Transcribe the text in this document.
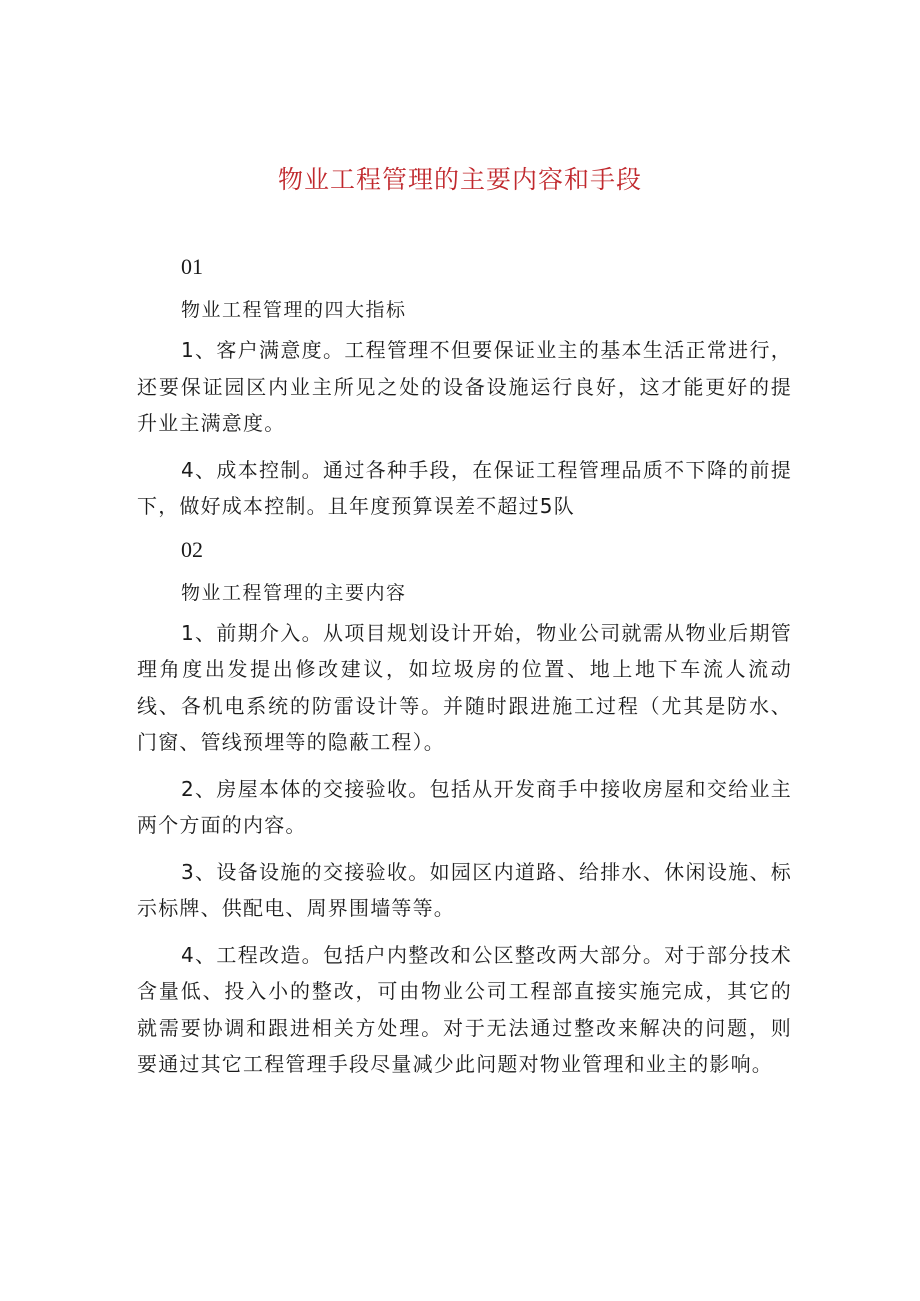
物业工程管理的主要内容和手段
01
物业工程管理的四大指标

1、客户满意度。工程管理不但要保证业主的基本生活正常进行，还要保证园区内业主所见之处的设备设施运行良好，这才能更好的提升业主满意度。

4、成本控制。通过各种手段，在保证工程管理品质不下降的前提下，做好成本控制。且年度预算误差不超过5队

02
物业工程管理的主要内容

1、前期介入。从项目规划设计开始，物业公司就需从物业后期管理角度出发提出修改建议，如垃圾房的位置、地上地下车流人流动线、各机电系统的防雷设计等。并随时跟进施工过程（尤其是防水、门窗、管线预埋等的隐蔽工程）。

2、房屋本体的交接验收。包括从开发商手中接收房屋和交给业主两个方面的内容。

3、设备设施的交接验收。如园区内道路、给排水、休闲设施、标示标牌、供配电、周界围墙等等。

4、工程改造。包括户内整改和公区整改两大部分。对于部分技术含量低、投入小的整改，可由物业公司工程部直接实施完成，其它的就需要协调和跟进相关方处理。对于无法通过整改来解决的问题，则要通过其它工程管理手段尽量减少此问题对物业管理和业主的影响。
